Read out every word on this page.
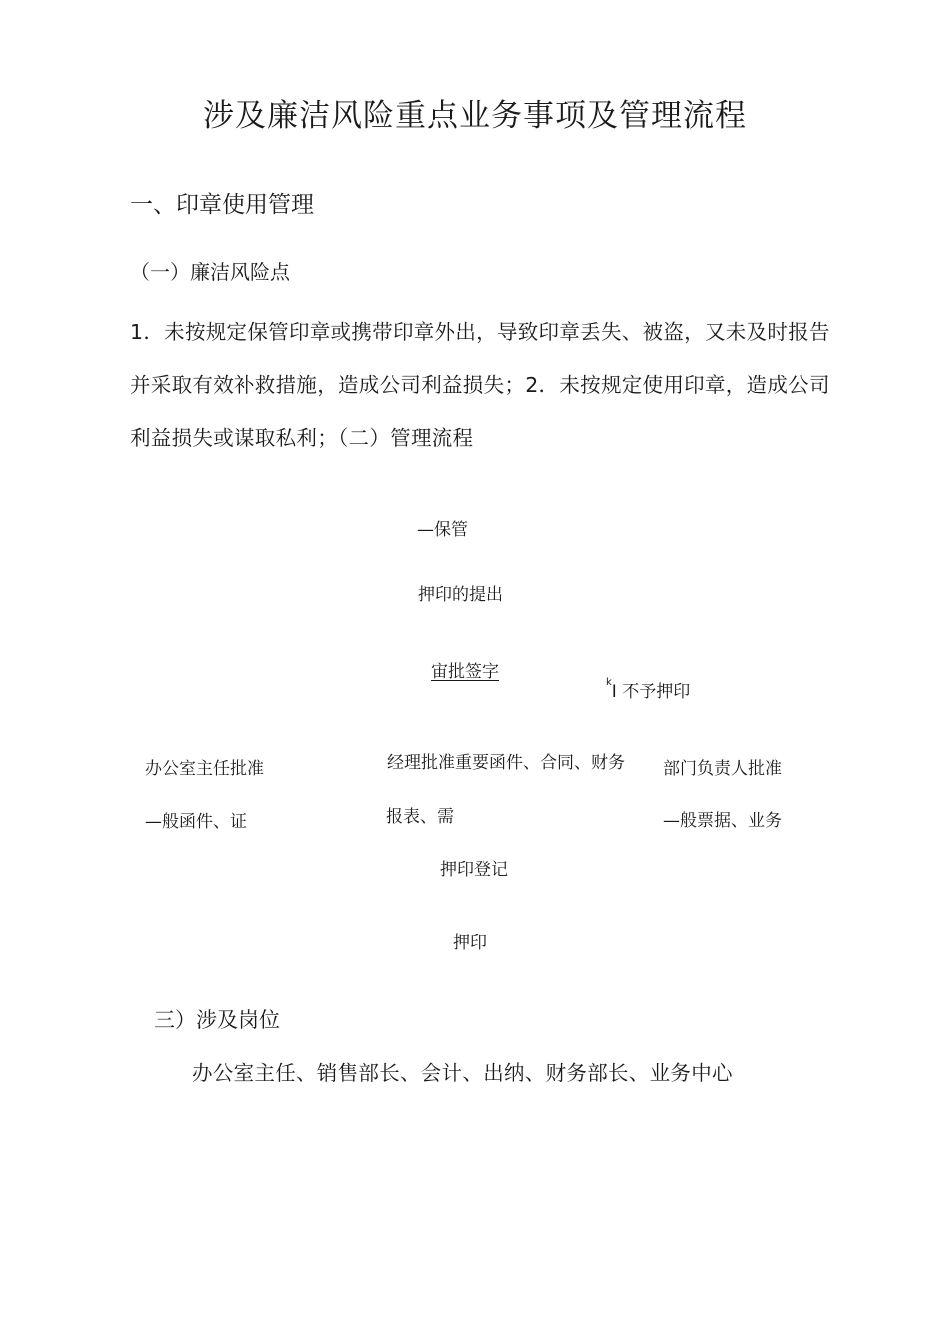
涉及廉洁风险重点业务事项及管理流程
一、印章使用管理
（一）廉洁风险点
1．未按规定保管印章或携带印章外出，导致印章丢失、被盗，又未及时报告并采取有效补救措施，造成公司利益损失；2．未按规定使用印章，造成公司利益损失或谋取私利；（二）管理流程
—保管
押印的提出
宙批签字
$^k$I 不予押印
办公室主任批准
—般函件、证
经理批准重要函件、合同、财务
报表、需
部门负责人批准
—般票据、业务
押印登记
押印
三）涉及岗位
办公室主任、销售部长、会计、出纳、财务部长、业务中心
